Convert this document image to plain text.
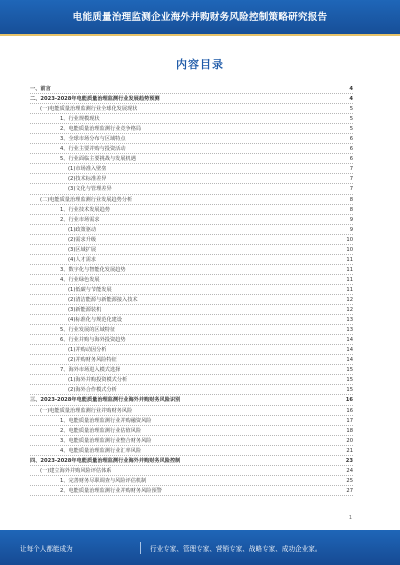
电能质量治理监测企业海外并购财务风险控制策略研究报告
内容目录
一、前言	4
二、2023-2028年电能质量治理监测行业发展趋势预测	4
(一)电能质量治理监测行业全球化发展现状	5
1、行业规模现状	5
2、电能质量治理监测行业竞争格局	5
3、全球市场分布与区域特点	6
4、行业主要并购与投资活动	6
5、行业面临主要挑战与发展机遇	6
(1)市场准入壁垒	7
(2)技术标准差异	7
(3)文化与管理差异	7
(二)电能质量治理监测行业发展趋势分析	8
1、行业技术发展趋势	8
2、行业市场需求	9
(1)政策驱动	9
(2)需求升级	10
(3)区域扩展	10
(4)人才需求	11
3、数字化与智能化发展趋势	11
4、行业绿色发展	11
(1)低碳与节能发展	11
(2)清洁能源与新能源接入技术	12
(3)新能源装机	12
(4)标准化与规范化建设	13
5、行业发展的区域特征	13
6、行业并购与海外投资趋势	14
(1)并购动因分析	14
(2)并购财务风险特征	14
7、海外市场进入模式选择	15
(1)海外并购投资模式分析	15
(2)海外合作模式分析	15
三、2023-2028年电能质量治理监测行业海外并购财务风险识别	16
(一)电能质量治理监测行业并购财务风险	16
1、电能质量治理监测行业并购融资风险	17
2、电能质量治理监测行业估值风险	18
3、电能质量治理监测行业整合财务风险	20
4、电能质量治理监测行业汇率风险	21
四、2023-2028年电能质量治理监测行业海外并购财务风险控制	23
(一)建立海外并购风险评估体系	24
1、完善财务尽职调查与风险评估机制	25
2、电能质量治理监测行业并购财务风险预警	27
1
让每个人都能成为	行业专家、管理专家、营销专家、战略专家、成功企业家。
